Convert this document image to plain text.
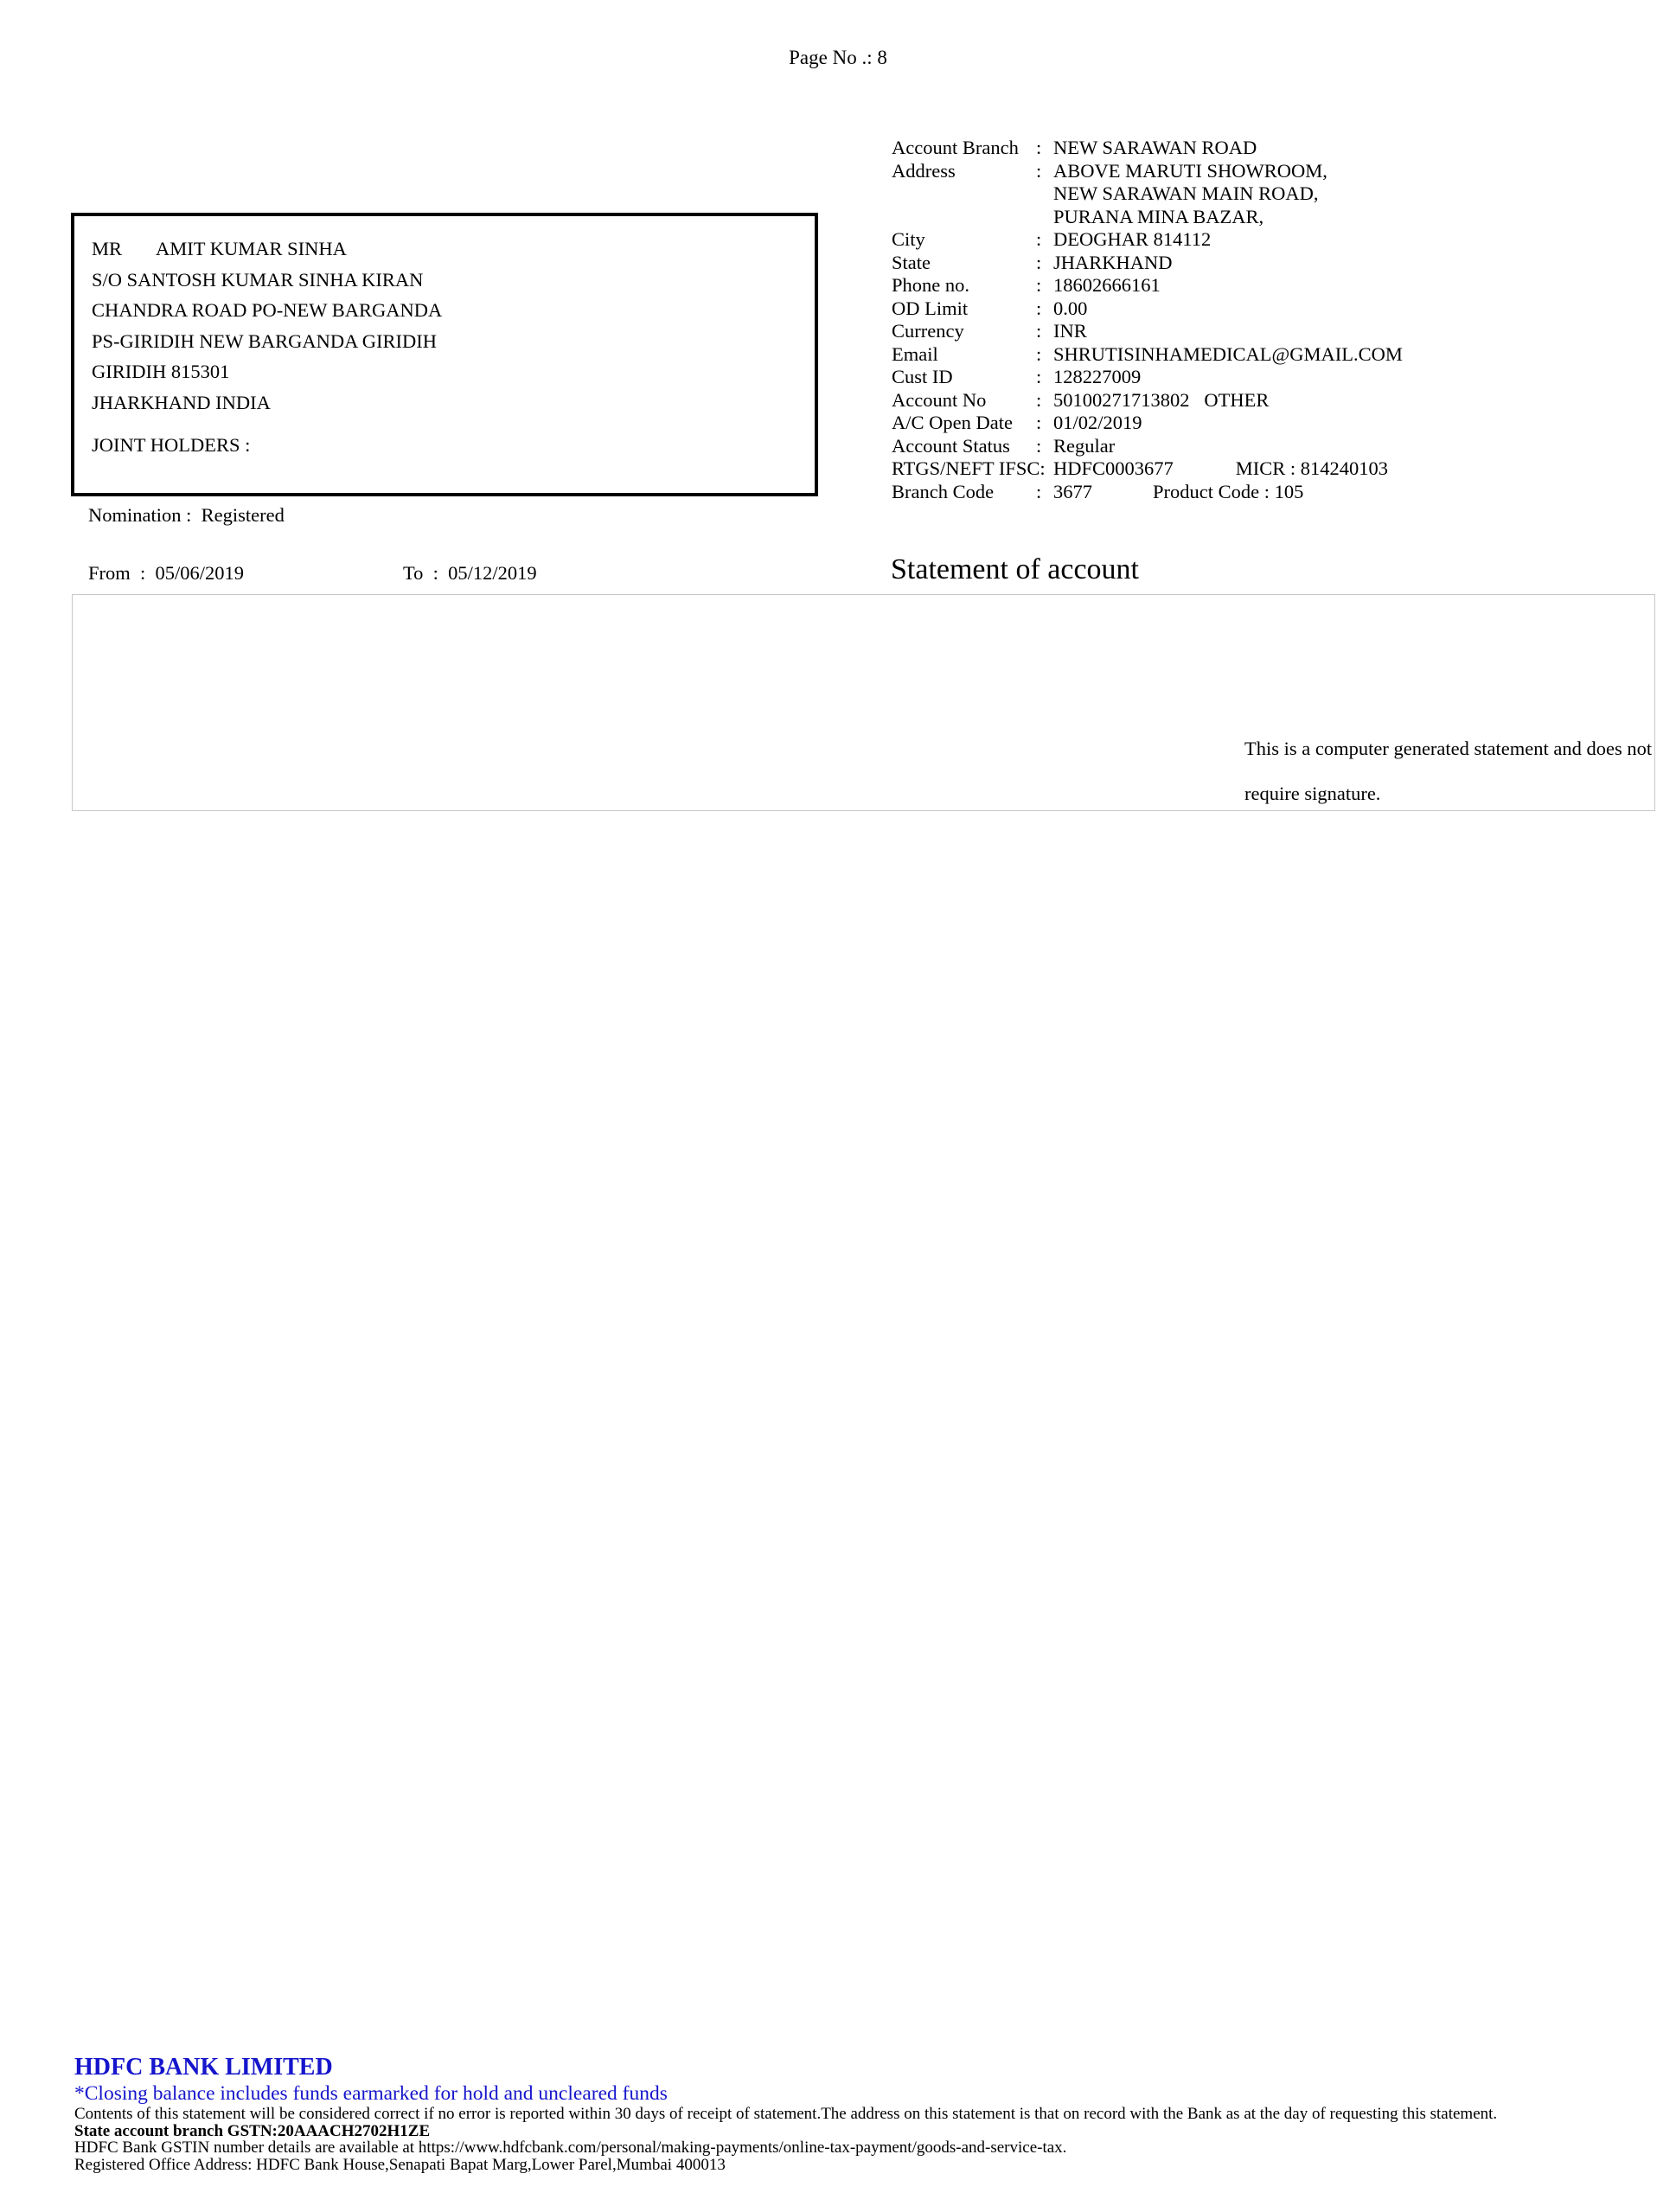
Page No .: 8
Account Branch : NEW SARAWAN ROAD
Address	: ABOVE MARUTI SHOWROOM,
NEW SARAWAN MAIN ROAD,
PURANA MINA BAZAR,
City	: DEOGHAR 814112
State	: JHARKHAND
Phone no.	: 18602666161
OD Limit	: 0.00
Currency	: INR
Email	: SHRUTISINHAMEDICAL@GMAIL.COM
Cust ID	: 128227009
Account No	: 50100271713802   OTHER
A/C Open Date	: 01/02/2019
Account Status	: Regular
RTGS/NEFT IFSC: HDFC0003677	MICR : 814240103
Branch Code	: 3677	Product Code : 105
MR AMIT KUMAR SINHA
S/O SANTOSH KUMAR SINHA KIRAN
CHANDRA ROAD PO-NEW BARGANDA
PS-GIRIDIH NEW BARGANDA GIRIDIH
GIRIDIH 815301
JHARKHAND INDIA
JOINT HOLDERS :
Nomination :  Registered
From  :  05/06/2019	To  :  05/12/2019	Statement of account
This is a computer generated statement and does not require signature.
HDFC BANK LIMITED
*Closing balance includes funds earmarked for hold and uncleared funds
Contents of this statement will be considered correct if no error is reported within 30 days of receipt of statement.The address on this statement is that on record with the Bank as at the day of requesting this statement.
State account branch GSTN:20AAACH2702H1ZE
HDFC Bank GSTIN number details are available at https://www.hdfcbank.com/personal/making-payments/online-tax-payment/goods-and-service-tax.
Registered Office Address: HDFC Bank House,Senapati Bapat Marg,Lower Parel,Mumbai 400013
